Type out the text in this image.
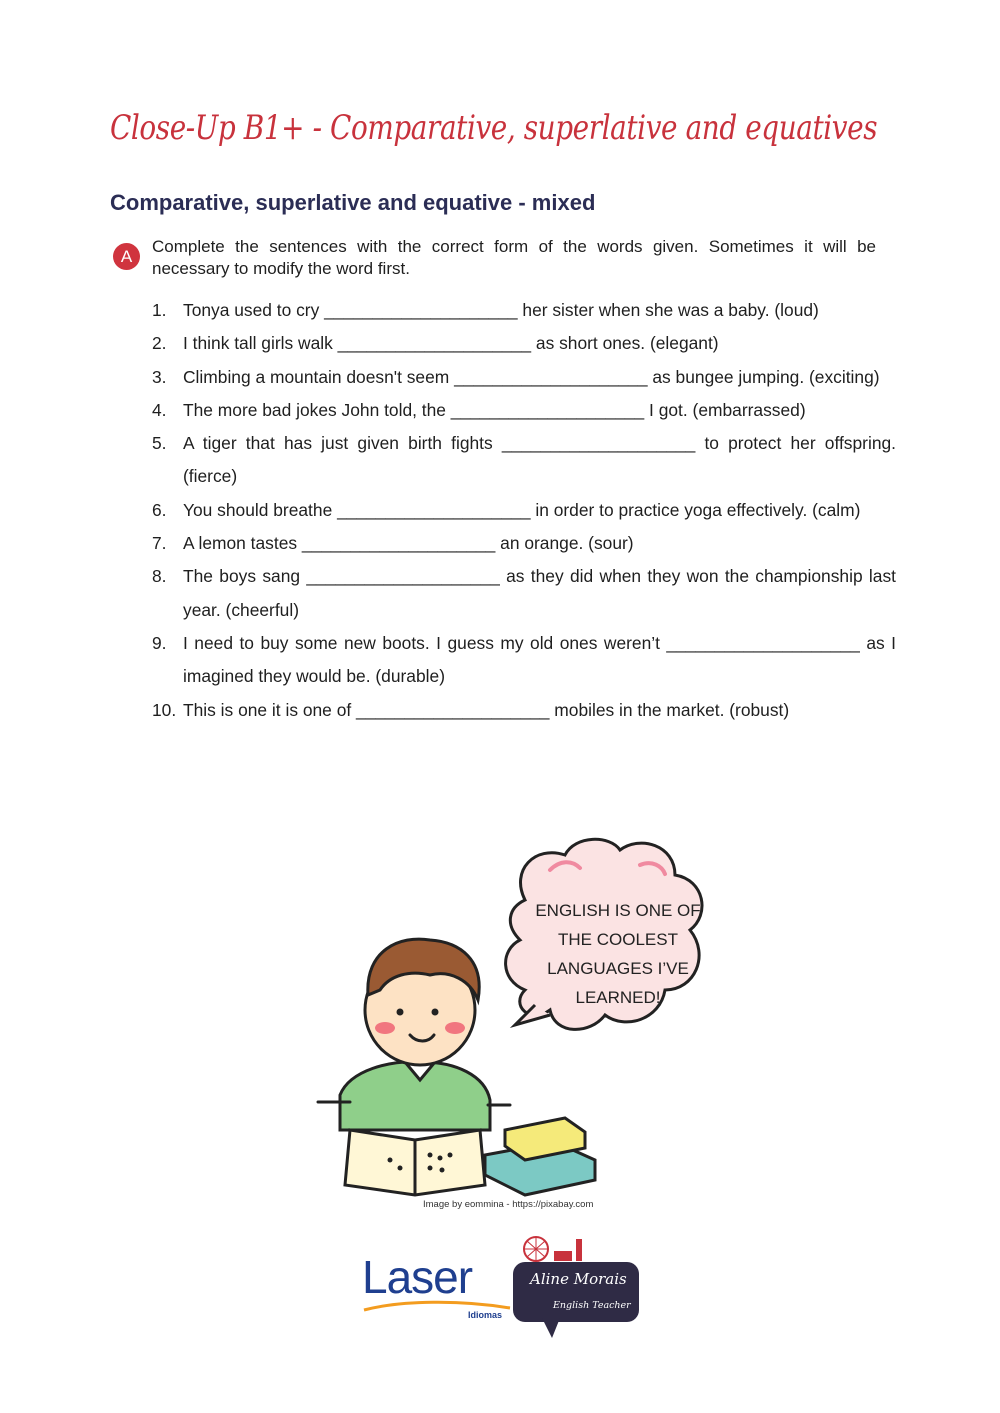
Close-Up B1+ - Comparative, superlative and equatives
Comparative, superlative and equative - mixed
A
Complete the sentences with the correct form of the words given. Sometimes it will be necessary to modify the word first.
1. Tonya used to cry ____________________ her sister when she was a baby. (loud)
2. I think tall girls walk ____________________ as short ones. (elegant)
3. Climbing a mountain doesn't seem ____________________ as bungee jumping. (exciting)
4. The more bad jokes John told, the ____________________ I got. (embarrassed)
5. A tiger that has just given birth fights ____________________ to protect her offspring. (fierce)
6. You should breathe ____________________ in order to practice yoga effectively. (calm)
7. A lemon tastes ____________________ an orange. (sour)
8. The boys sang ____________________ as they did when they won the championship last year. (cheerful)
9. I need to buy some new boots. I guess my old ones weren’t ____________________ as I imagined they would be. (durable)
10. This is one it is one of ____________________ mobiles in the market. (robust)
ENGLISH IS ONE OF
THE COOLEST
LANGUAGES I’VE
LEARNED!
Image by eommina - https://pixabay.com
Laser
Idiomas
Aline Morais
English Teacher
